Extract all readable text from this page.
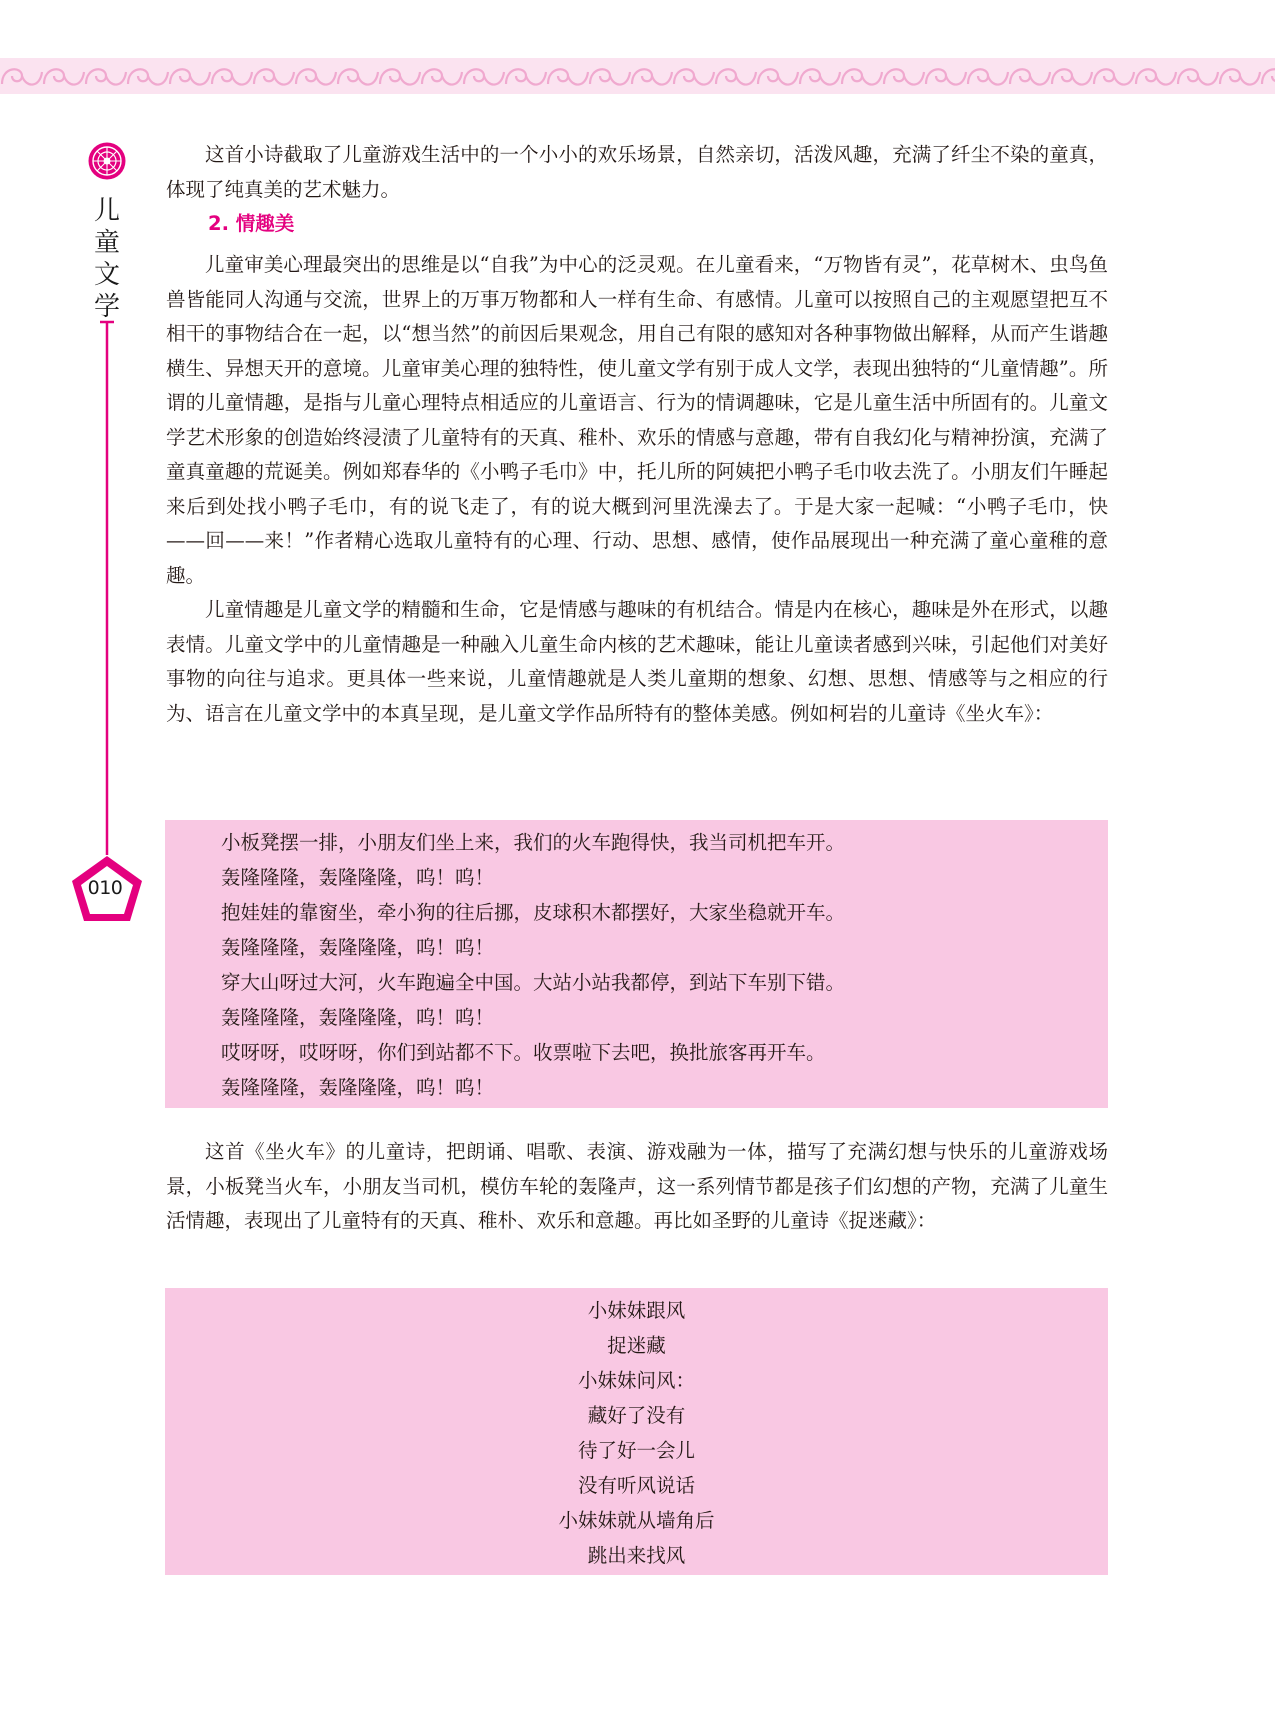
儿童文学
010

这首小诗截取了儿童游戏生活中的一个小小的欢乐场景，自然亲切，活泼风趣，充满了纤尘不染的童真，体现了纯真美的艺术魅力。

2. 情趣美

儿童审美心理最突出的思维是以“自我”为中心的泛灵观。在儿童看来，“万物皆有灵”，花草树木、虫鸟鱼兽皆能同人沟通与交流，世界上的万事万物都和人一样有生命、有感情。儿童可以按照自己的主观愿望把互不相干的事物结合在一起，以“想当然”的前因后果观念，用自己有限的感知对各种事物做出解释，从而产生谐趣横生、异想天开的意境。儿童审美心理的独特性，使儿童文学有别于成人文学，表现出独特的“儿童情趣”。所谓的儿童情趣，是指与儿童心理特点相适应的儿童语言、行为的情调趣味，它是儿童生活中所固有的。儿童文学艺术形象的创造始终浸渍了儿童特有的天真、稚朴、欢乐的情感与意趣，带有自我幻化与精神扮演，充满了童真童趣的荒诞美。例如郑春华的《小鸭子毛巾》中，托儿所的阿姨把小鸭子毛巾收去洗了。小朋友们午睡起来后到处找小鸭子毛巾，有的说飞走了，有的说大概到河里洗澡去了。于是大家一起喊：“小鸭子毛巾，快——回——来！”作者精心选取儿童特有的心理、行动、思想、感情，使作品展现出一种充满了童心童稚的意趣。

儿童情趣是儿童文学的精髓和生命，它是情感与趣味的有机结合。情是内在核心，趣味是外在形式，以趣表情。儿童文学中的儿童情趣是一种融入儿童生命内核的艺术趣味，能让儿童读者感到兴味，引起他们对美好事物的向往与追求。更具体一些来说，儿童情趣就是人类儿童期的想象、幻想、思想、情感等与之相应的行为、语言在儿童文学中的本真呈现，是儿童文学作品所特有的整体美感。例如柯岩的儿童诗《坐火车》：

小板凳摆一排，小朋友们坐上来，我们的火车跑得快，我当司机把车开。
轰隆隆隆，轰隆隆隆，呜！呜！
抱娃娃的靠窗坐，牵小狗的往后挪，皮球积木都摆好，大家坐稳就开车。
轰隆隆隆，轰隆隆隆，呜！呜！
穿大山呀过大河，火车跑遍全中国。大站小站我都停，到站下车别下错。
轰隆隆隆，轰隆隆隆，呜！呜！
哎呀呀，哎呀呀，你们到站都不下。收票啦下去吧，换批旅客再开车。
轰隆隆隆，轰隆隆隆，呜！呜！

这首《坐火车》的儿童诗，把朗诵、唱歌、表演、游戏融为一体，描写了充满幻想与快乐的儿童游戏场景，小板凳当火车，小朋友当司机，模仿车轮的轰隆声，这一系列情节都是孩子们幻想的产物，充满了儿童生活情趣，表现出了儿童特有的天真、稚朴、欢乐和意趣。再比如圣野的儿童诗《捉迷藏》：

小妹妹跟风
捉迷藏
小妹妹问风：
藏好了没有
待了好一会儿
没有听风说话
小妹妹就从墙角后
跳出来找风
